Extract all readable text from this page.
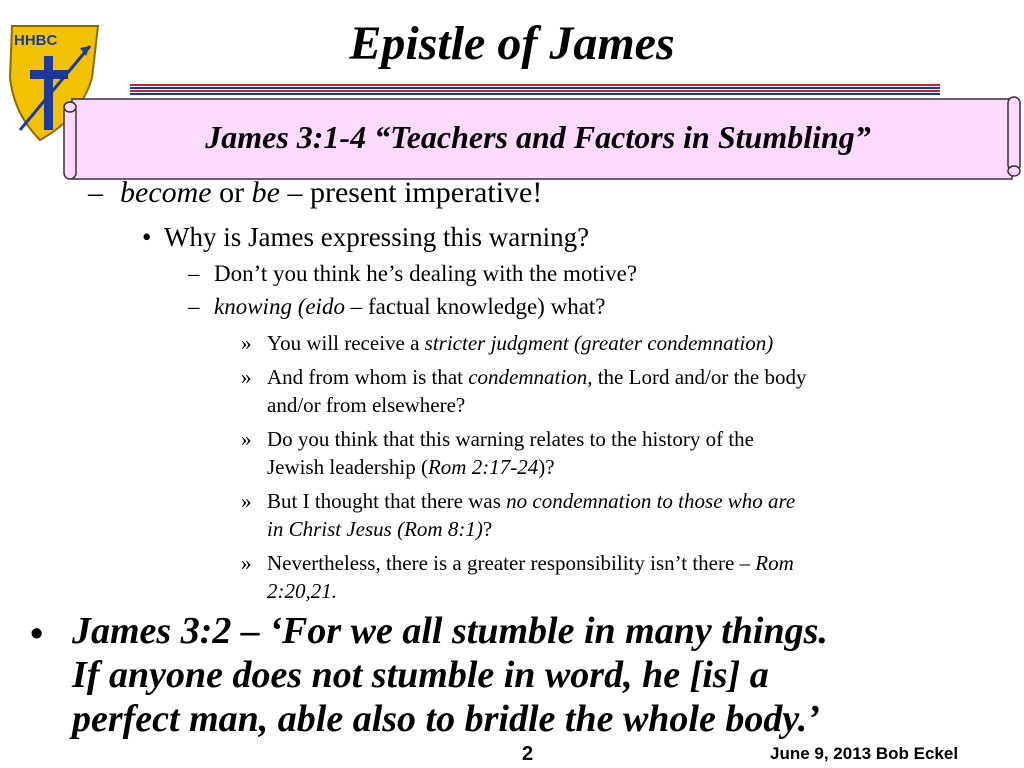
HHBC	Epistle of James
James 3:1-4 “Teachers and Factors in Stumbling”
– become or be – present imperative!
• Why is James expressing this warning?
– Don’t you think he’s dealing with the motive?
– knowing (eido – factual knowledge) what?
» You will receive a stricter judgment (greater condemnation)
» And from whom is that condemnation, the Lord and/or the body
and/or from elsewhere?
» Do you think that this warning relates to the history of the
Jewish leadership (Rom 2:17-24)?
» But I thought that there was no condemnation to those who are
in Christ Jesus (Rom 8:1)?
» Nevertheless, there is a greater responsibility isn’t there – Rom
2:20,21.
• James 3:2 – ‘For we all stumble in many things.
If anyone does not stumble in word, he [is] a
perfect man, able also to bridle the whole body.’
2	June 9, 2013 Bob Eckel
